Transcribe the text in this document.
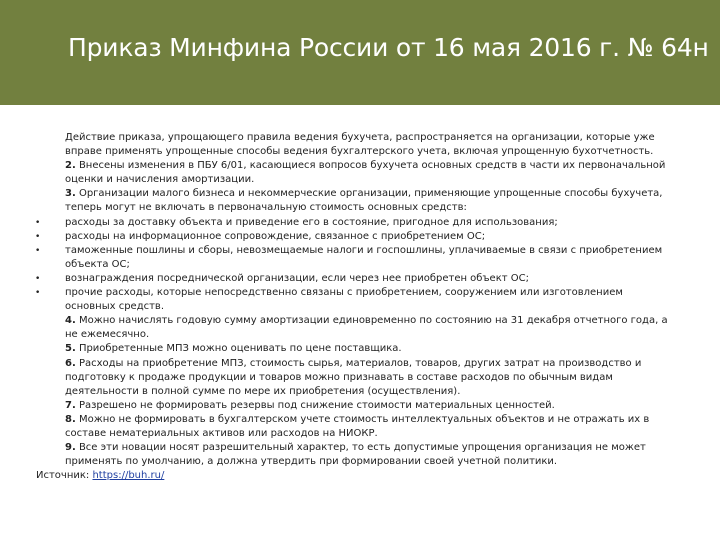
Приказ Минфина России от 16 мая 2016 г. № 64н

Действие приказа, упрощающего правила ведения бухучета, распространяется на организации, которые уже вправе применять упрощенные способы ведения бухгалтерского учета, включая упрощенную бухотчетность.

2. Внесены изменения в ПБУ 6/01, касающиеся вопросов бухучета основных средств в части их первоначальной оценки и начисления амортизации.

3. Организации малого бизнеса и некоммерческие организации, применяющие упрощенные способы бухучета, теперь могут не включать в первоначальную стоимость основных средств:

• расходы за доставку объекта и приведение его в состояние, пригодное для использования;
• расходы на информационное сопровождение, связанное с приобретением ОС;
• таможенные пошлины и сборы, невозмещаемые налоги и госпошлины, уплачиваемые в связи с приобретением объекта ОС;
• вознаграждения посреднической организации, если через нее приобретен объект ОС;
• прочие расходы, которые непосредственно связаны с приобретением, сооружением или изготовлением основных средств.

4. Можно начислять годовую сумму амортизации единовременно по состоянию на 31 декабря отчетного года, а не ежемесячно.

5. Приобретенные МПЗ можно оценивать по цене поставщика.

6. Расходы на приобретение МПЗ, стоимость сырья, материалов, товаров, других затрат на производство и подготовку к продаже продукции и товаров можно признавать в составе расходов по обычным видам деятельности в полной сумме по мере их приобретения (осуществления).

7. Разрешено не формировать резервы под снижение стоимости материальных ценностей.

8. Можно не формировать в бухгалтерском учете стоимость интеллектуальных объектов и не отражать их в составе нематериальных активов или расходов на НИОКР.

9. Все эти новации носят разрешительный характер, то есть допустимые упрощения организация не может применять по умолчанию, а должна утвердить при формировании своей учетной политики.

Источник: https://buh.ru/
